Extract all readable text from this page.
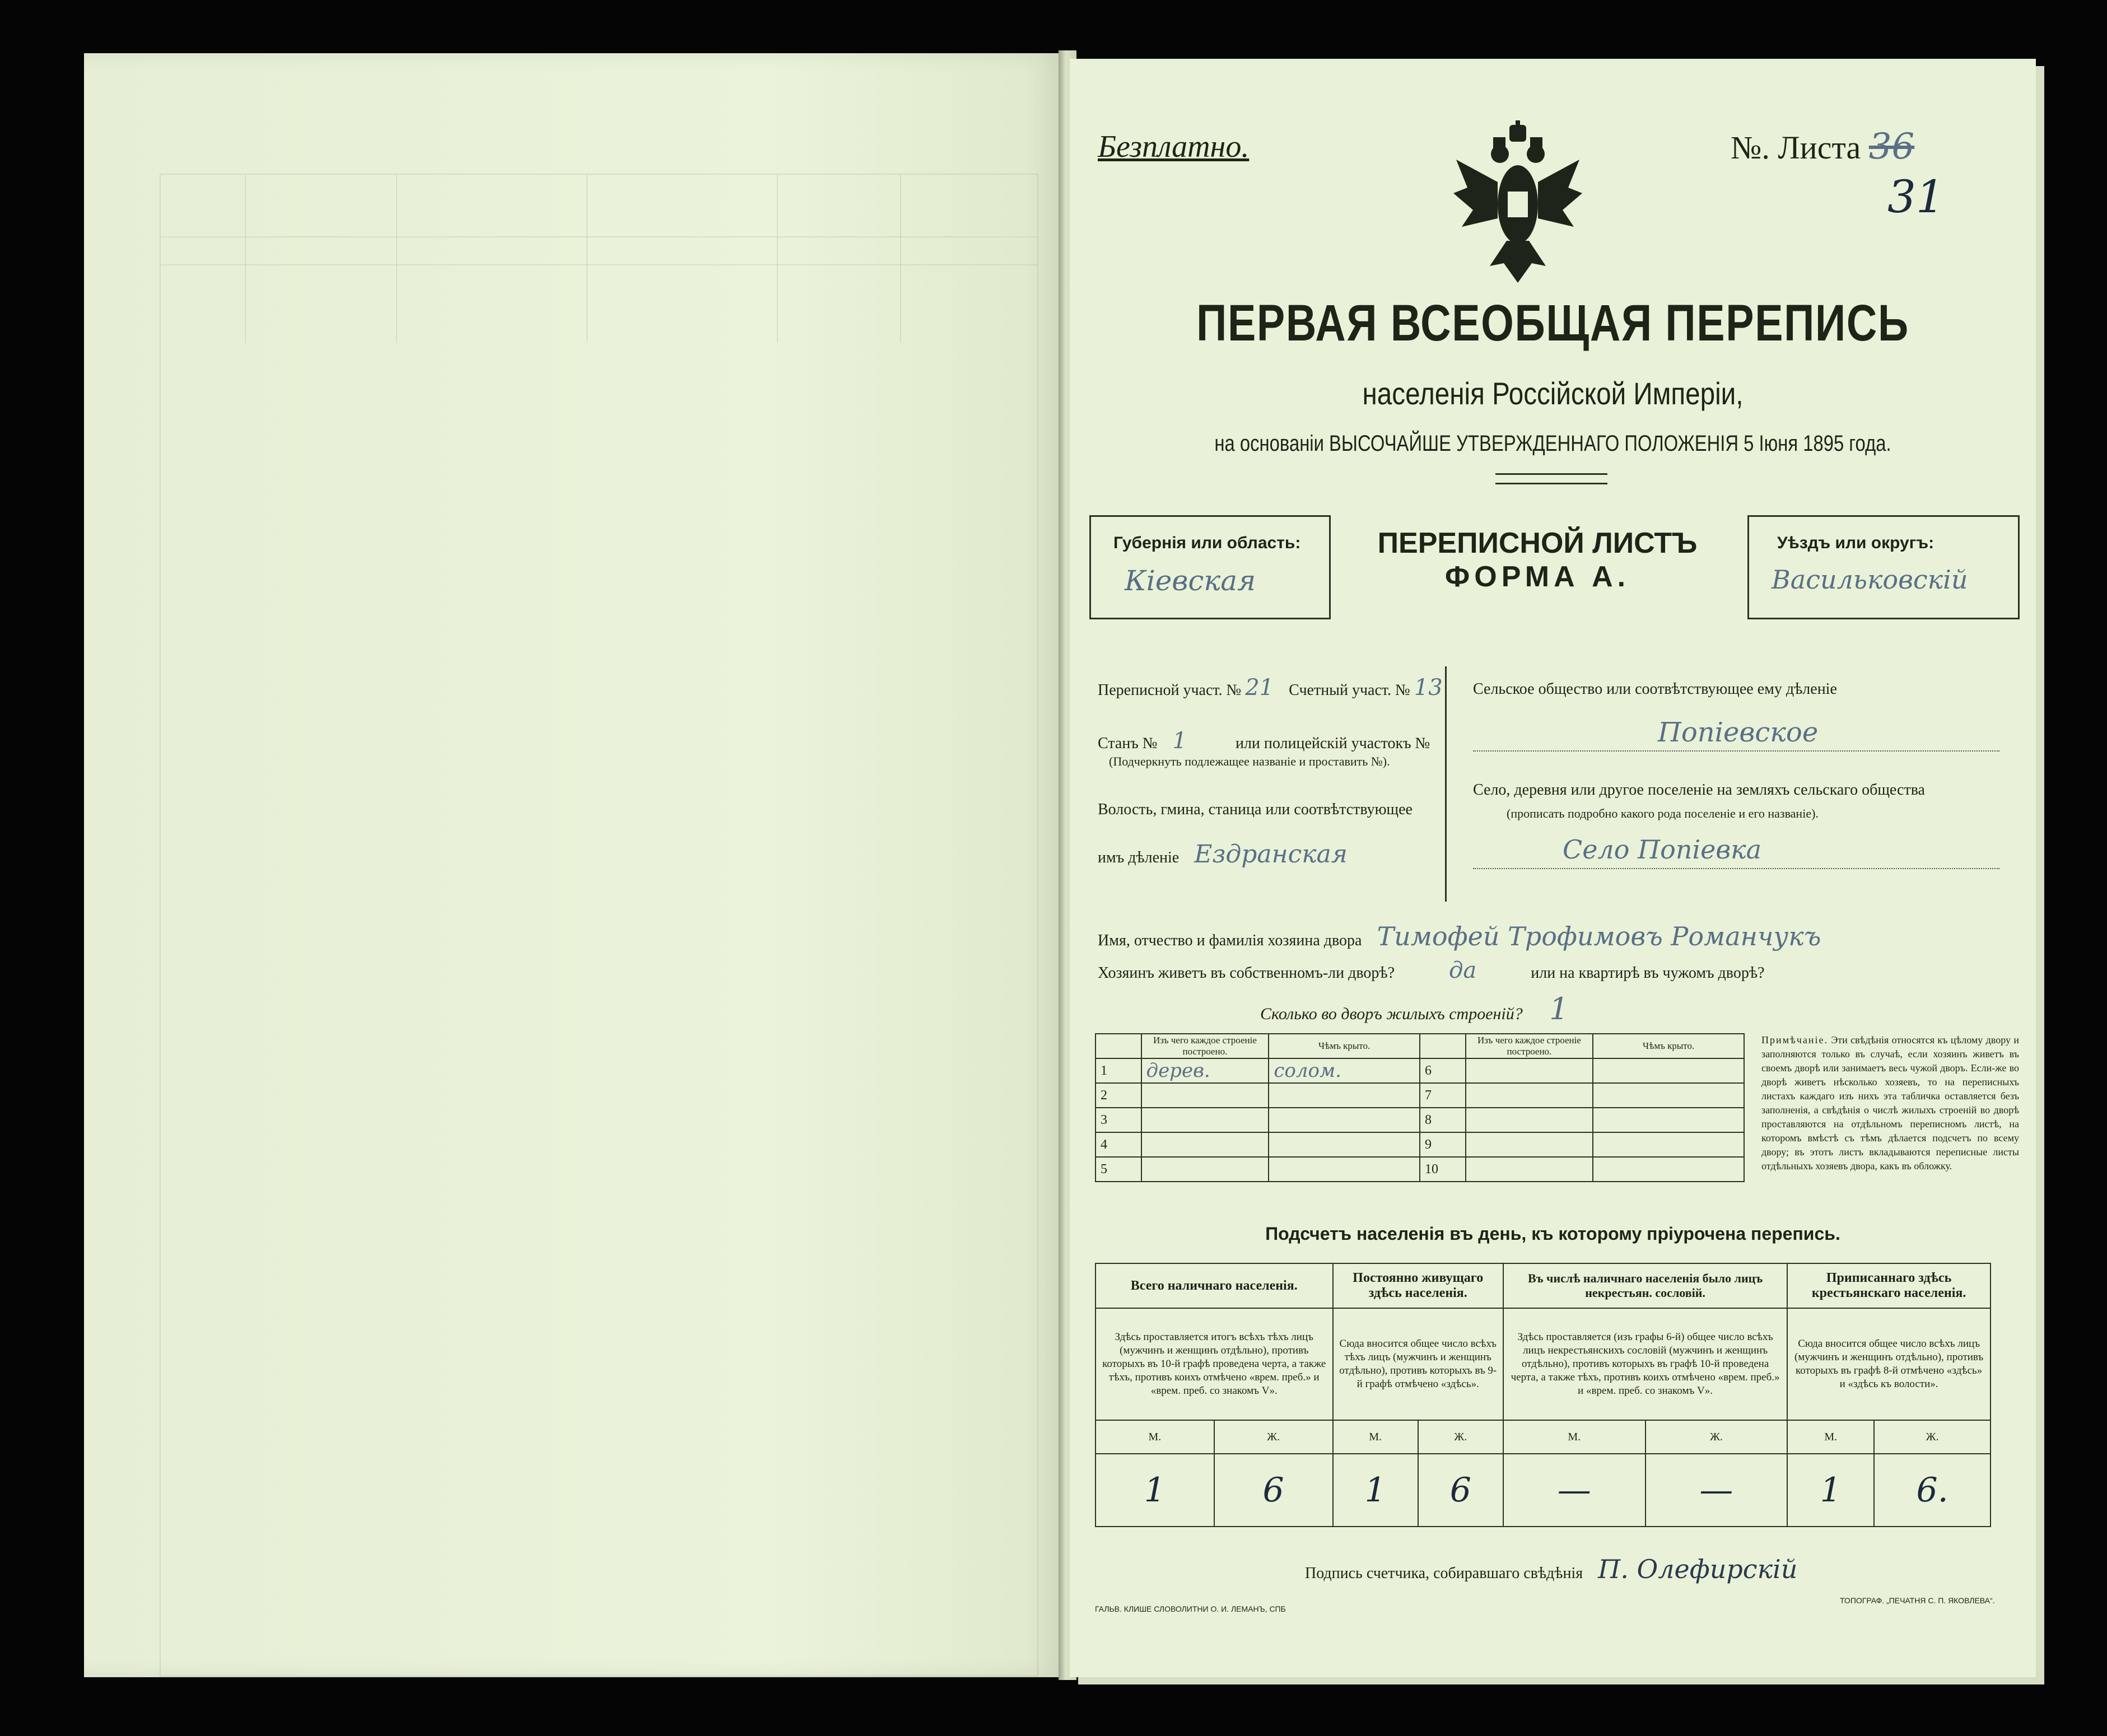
Безплатно.	№. Листа 36
31
ПЕРВАЯ ВСЕОБЩАЯ ПЕРЕПИСЬ
населенія Россійской Имперіи,
на основаніи ВЫСОЧАЙШЕ УТВЕРЖДЕННАГО ПОЛОЖЕНІЯ 5 Іюня 1895 года.
Губернія или область:
Кіевская
ПЕРЕПИСНОЙ ЛИСТЪ
ФОРМА А.
Уѣздъ или округъ:
Васильковскій
Переписной участ. № 21 Счетный участ. № 13
Станъ № 1	или полицейскій участокъ №
(Подчеркнуть подлежащее названіе и проставить №).
Волость, гмина, станица или соотвѣтствующее
имъ дѣленіе Ездранская
Сельское общество или соотвѣтствующее ему дѣленіе
Попіевское
Село, деревня или другое поселеніе на земляхъ сельскаго общества
(прописать подробно какого рода поселеніе и его названіе).
Село Попіевка
Имя, отчество и фамилія хозяина двора Тимофей Трофимовъ Романчукъ
Хозяинъ живетъ въ собственномъ-ли дворѣ? да	или на квартирѣ въ чужомъ дворѣ?
Сколько во дворъ жилыхъ строеній? 1
	Изъ чего каждое строеніе построено.	Чѣмъ крыто.		Изъ чего каждое строеніе построено.	Чѣмъ крыто.
1	дерев.	солом.	6		
2			7		
3			8		
4			9		
5			10		
Примѣчаніе. Эти свѣдѣнія относятся къ цѣлому двору и заполняются только въ случаѣ, если хозяинъ живетъ въ своемъ дворѣ или занимаетъ весь чужой дворъ. Если-же во дворѣ живетъ нѣсколько хозяевъ, то на переписныхъ листахъ каждаго изъ нихъ эта табличка оставляется безъ заполненія, а свѣдѣнія о числѣ жилыхъ строеній во дворѣ проставляются на отдѣльномъ переписномъ листѣ, на которомъ вмѣстѣ съ тѣмъ дѣлается подсчетъ по всему двору; въ этотъ листъ вкладываются переписные листы отдѣльныхъ хозяевъ двора, какъ въ обложку.
Подсчетъ населенія въ день, къ которому пріурочена перепись.
Всего наличнаго населенія.		Постоянно живущаго здѣсь населенія.		Въ числѣ наличнаго населенія было лицъ некрестьян. сословій.		Приписаннаго здѣсь крестьянскаго населенія.	
Здѣсь проставляется итогъ всѣхъ тѣхъ лицъ (мужчинъ и женщинъ отдѣльно), противъ которыхъ въ 10-й графѣ проведена черта, а также тѣхъ, противъ коихъ отмѣчено «врем. преб.» и «врем. преб. со знакомъ V».		Сюда вносится общее число всѣхъ тѣхъ лицъ (мужчинъ и женщинъ отдѣльно), противъ которыхъ въ 9-й графѣ отмѣчено «здѣсь».		Здѣсь проставляется (изъ графы 6-й) общее число всѣхъ лицъ некрестьянскихъ сословій (мужчинъ и женщинъ отдѣльно), противъ которыхъ въ графѣ 10-й проведена черта, а также тѣхъ, противъ коихъ отмѣчено «врем. преб.» и «врем. преб. со знакомъ V».		Сюда вносится общее число всѣхъ лицъ (мужчинъ и женщинъ отдѣльно), противъ которыхъ въ графѣ 8-й отмѣчено «здѣсь» и «здѣсь къ волости».	
М.	Ж.	М.	Ж.	М.	Ж.	М.	Ж.
1	6	1	6	—	—	1	6.
Подпись счетчика, собиравшаго свѣдѣнія П. Олефирскій
ГАЛЬВ. КЛИШЕ СЛОВОЛИТНИ О. И. ЛЕМАНЪ, СПБ
ТОПОГРАФ. „ПЕЧАТНЯ С. П. ЯКОВЛЕВА“.
